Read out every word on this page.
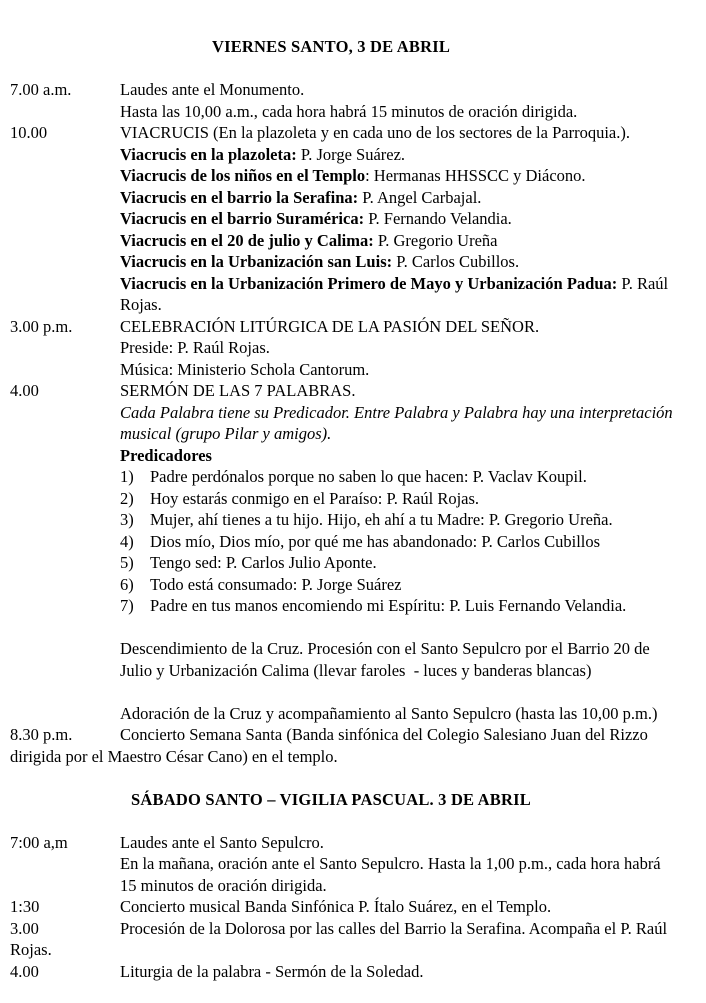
VIERNES SANTO, 3 DE ABRIL
7.00 a.m.	Laudes ante el Monumento.
Hasta las 10,00 a.m., cada hora habrá 15 minutos de oración dirigida.
10.00	VIACRUCIS (En la plazoleta y en cada uno de los sectores de la Parroquia.).
Viacrucis en la plazoleta: P. Jorge Suárez.
Viacrucis de los niños en el Templo: Hermanas HHSSCC y Diácono.
Viacrucis en el barrio la Serafina: P. Angel Carbajal.
Viacrucis en el barrio Suramérica: P. Fernando Velandia.
Viacrucis en el 20 de julio y Calima: P. Gregorio Ureña
Viacrucis en la Urbanización san Luis: P. Carlos Cubillos.
Viacrucis en la Urbanización Primero de Mayo y Urbanización Padua: P. Raúl
Rojas.
3.00 p.m.	CELEBRACIÓN LITÚRGICA DE LA PASIÓN DEL SEÑOR.
Preside: P. Raúl Rojas.
Música: Ministerio Schola Cantorum.
4.00	SERMÓN DE LAS 7 PALABRAS.
Cada Palabra tiene su Predicador. Entre Palabra y Palabra hay una interpretación
musical (grupo Pilar y amigos).
Predicadores
1) Padre perdónalos porque no saben lo que hacen: P. Vaclav Koupil.
2) Hoy estarás conmigo en el Paraíso: P. Raúl Rojas.
3) Mujer, ahí tienes a tu hijo. Hijo, eh ahí a tu Madre: P. Gregorio Ureña.
4) Dios mío, Dios mío, por qué me has abandonado: P. Carlos Cubillos
5) Tengo sed: P. Carlos Julio Aponte.
6) Todo está consumado: P. Jorge Suárez
7) Padre en tus manos encomiendo mi Espíritu: P. Luis Fernando Velandia.
Descendimiento de la Cruz. Procesión con el Santo Sepulcro por el Barrio 20 de
Julio y Urbanización Calima (llevar faroles  - luces y banderas blancas)
Adoración de la Cruz y acompañamiento al Santo Sepulcro (hasta las 10,00 p.m.)
8.30 p.m.	Concierto Semana Santa (Banda sinfónica del Colegio Salesiano Juan del Rizzo
dirigida por el Maestro César Cano) en el templo.
SÁBADO SANTO – VIGILIA PASCUAL. 3 DE ABRIL
7:00 a,m	Laudes ante el Santo Sepulcro.
En la mañana, oración ante el Santo Sepulcro. Hasta la 1,00 p.m., cada hora habrá
15 minutos de oración dirigida.
1:30	Concierto musical Banda Sinfónica P. Ítalo Suárez, en el Templo.
3.00	Procesión de la Dolorosa por las calles del Barrio la Serafina. Acompaña el P. Raúl
Rojas.
4.00	Liturgia de la palabra - Sermón de la Soledad.
